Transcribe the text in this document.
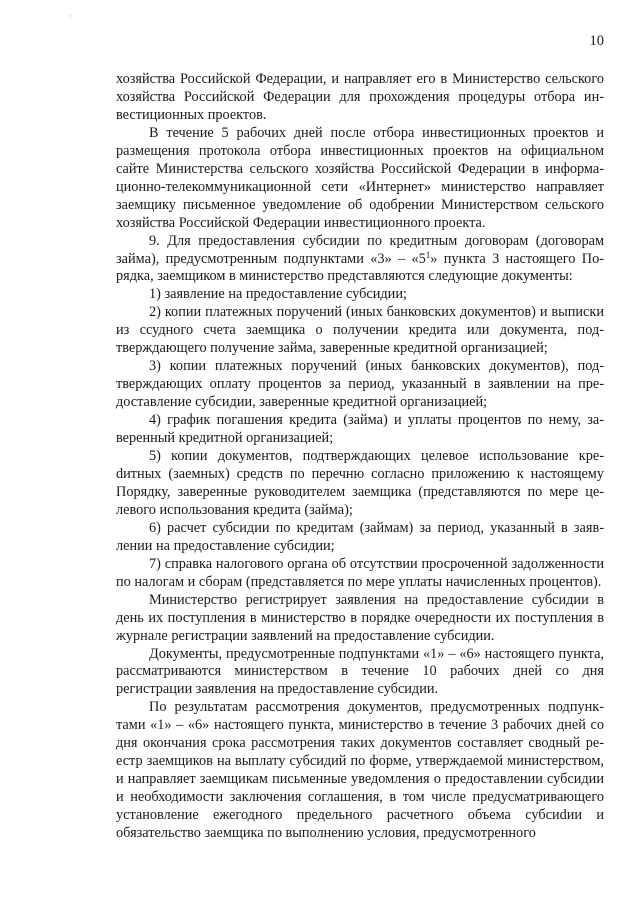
10

хозяйства Российской Федерации, и направляет его в Министерство сельского хозяйства Российской Федерации для прохождения процедуры отбора инвестиционных проектов.

В течение 5 рабочих дней после отбора инвестиционных проектов и размещения протокола отбора инвестиционных проектов на официальном сайте Министерства сельского хозяйства Российской Федерации в информационно-телекоммуникационной сети «Интернет» министерство направляет заемщику письменное уведомление об одобрении Министерством сельского хозяйства Российской Федерации инвестиционного проекта.

9. Для предоставления субсидии по кредитным договорам (договорам займа), предусмотренным подпунктами «3» – «$5^1$» пункта 3 настоящего Порядка, заемщиком в министерство представляются следующие документы:

1) заявление на предоставление субсидии;

2) копии платежных поручений (иных банковских документов) и выписки из ссудного счета заемщика о получении кредита или документа, подтверждающего получение займа, заверенные кредитной организацией;

3) копии платежных поручений (иных банковских документов), подтверждающих оплату процентов за период, указанный в заявлении на предоставление субсидии, заверенные кредитной организацией;

4) график погашения кредита (займа) и уплаты процентов по нему, заверенный кредитной организацией;

5) копии документов, подтверждающих целевое использование креdитных (заемных) средств по перечню согласно приложению к настоящему Порядку, заверенные руководителем заемщика (представляются по мере целевого использования кредита (займа);

6) расчет субсидии по кредитам (займам) за период, указанный в заявлении на предоставление субсидии;

7) справка налогового органа об отсутствии просроченной задолженности по налогам и сборам (представляется по мере уплаты начисленных процентов).

Министерство регистрирует заявления на предоставление субсидии в день их поступления в министерство в порядке очередности их поступления в журнале регистрации заявлений на предоставление субсидии.

Документы, предусмотренные подпунктами «1» – «6» настоящего пункта, рассматриваются министерством в течение 10 рабочих дней со дня регистрации заявления на предоставление субсидии.

По результатам рассмотрения документов, предусмотренных подпунктами «1» – «6» настоящего пункта, министерство в течение 3 рабочих дней со дня окончания срока рассмотрения таких документов составляет сводный реестр заемщиков на выплату субсидий по форме, утверждаемой министерством, и направляет заемщикам письменные уведомления о предоставлении субсидии и необходимости заключения соглашения, в том числе предусматривающего установление ежегодного предельного расчетного объема субсиdии и обязательство заемщика по выполнению условия, предусмотренного
